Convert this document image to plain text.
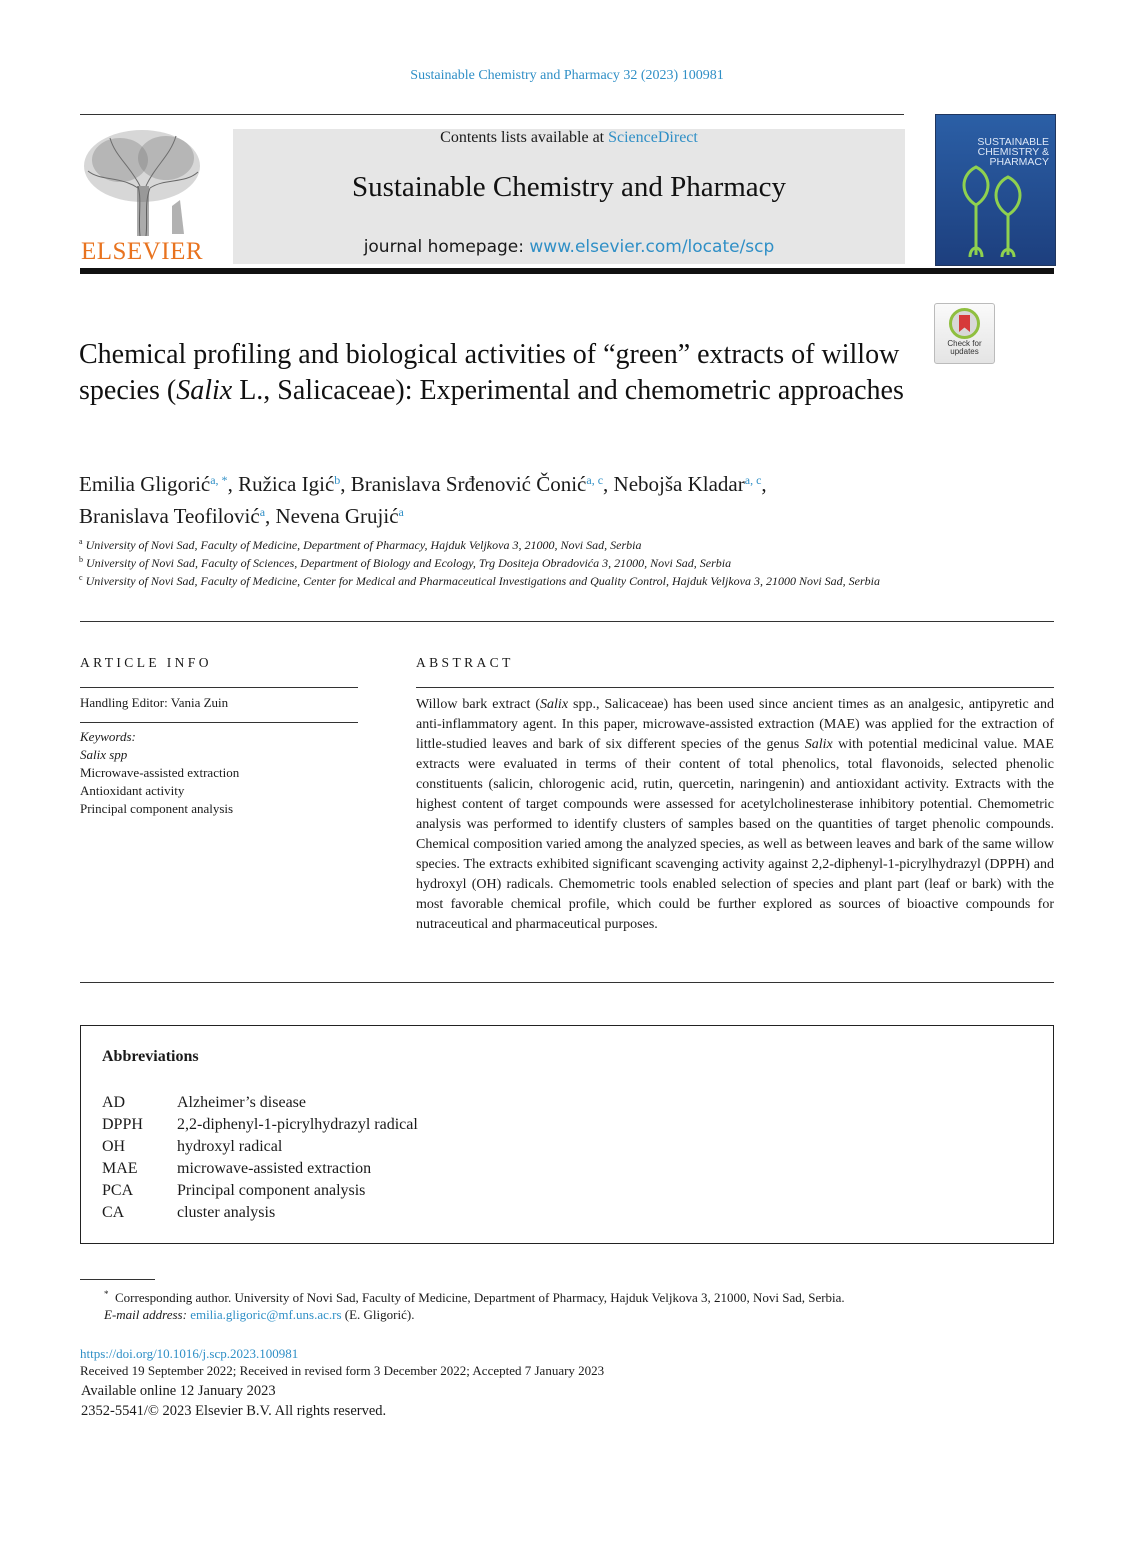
Sustainable Chemistry and Pharmacy 32 (2023) 100981
ELSEVIER
Contents lists available at ScienceDirect
Sustainable Chemistry and Pharmacy
journal homepage: www.elsevier.com/locate/scp
SUSTAINABLE CHEMISTRY & PHARMACY
Check for updates
Chemical profiling and biological activities of “green” extracts of willow species (Salix L., Salicaceae): Experimental and chemometric approaches
Emilia Gligorić$^{a, *}$, Ružica Igić$^b$, Branislava Srđenović Čonić$^{a, c}$, Nebojša Kladar$^{a, c}$,
Branislava Teofilović$^a$, Nevena Grujić$^a$
$^a$ University of Novi Sad, Faculty of Medicine, Department of Pharmacy, Hajduk Veljkova 3, 21000, Novi Sad, Serbia
$^b$ University of Novi Sad, Faculty of Sciences, Department of Biology and Ecology, Trg Dositeja Obradovića 3, 21000, Novi Sad, Serbia
$^c$ University of Novi Sad, Faculty of Medicine, Center for Medical and Pharmaceutical Investigations and Quality Control, Hajduk Veljkova 3, 21000 Novi Sad, Serbia
ARTICLE INFO
Handling Editor: Vania Zuin
Keywords:
Salix spp
Microwave-assisted extraction
Antioxidant activity
Principal component analysis
ABSTRACT
Willow bark extract (Salix spp., Salicaceae) has been used since ancient times as an analgesic, antipyretic and anti-inflammatory agent. In this paper, microwave-assisted extraction (MAE) was applied for the extraction of little-studied leaves and bark of six different species of the genus Salix with potential medicinal value. MAE extracts were evaluated in terms of their content of total phenolics, total flavonoids, selected phenolic constituents (salicin, chlorogenic acid, rutin, quercetin, naringenin) and antioxidant activity. Extracts with the highest content of target compounds were assessed for acetylcholinesterase inhibitory potential. Chemometric analysis was performed to identify clusters of samples based on the quantities of target phenolic compounds. Chemical composition varied among the analyzed species, as well as between leaves and bark of the same willow species. The extracts exhibited significant scavenging activity against 2,2-diphenyl-1-picrylhydrazyl (DPPH) and hydroxyl (OH) radicals. Chemometric tools enabled selection of species and plant part (leaf or bark) with the most favorable chemical profile, which could be further explored as sources of bioactive compounds for nutraceutical and pharmaceutical purposes.
Abbreviations
AD	Alzheimer’s disease
DPPH	2,2-diphenyl-1-picrylhydrazyl radical
OH	hydroxyl radical
MAE	microwave-assisted extraction
PCA	Principal component analysis
CA	cluster analysis
* Corresponding author. University of Novi Sad, Faculty of Medicine, Department of Pharmacy, Hajduk Veljkova 3, 21000, Novi Sad, Serbia.
E-mail address: emilia.gligoric@mf.uns.ac.rs (E. Gligorić).
https://doi.org/10.1016/j.scp.2023.100981
Received 19 September 2022; Received in revised form 3 December 2022; Accepted 7 January 2023
Available online 12 January 2023
2352-5541/© 2023 Elsevier B.V. All rights reserved.
